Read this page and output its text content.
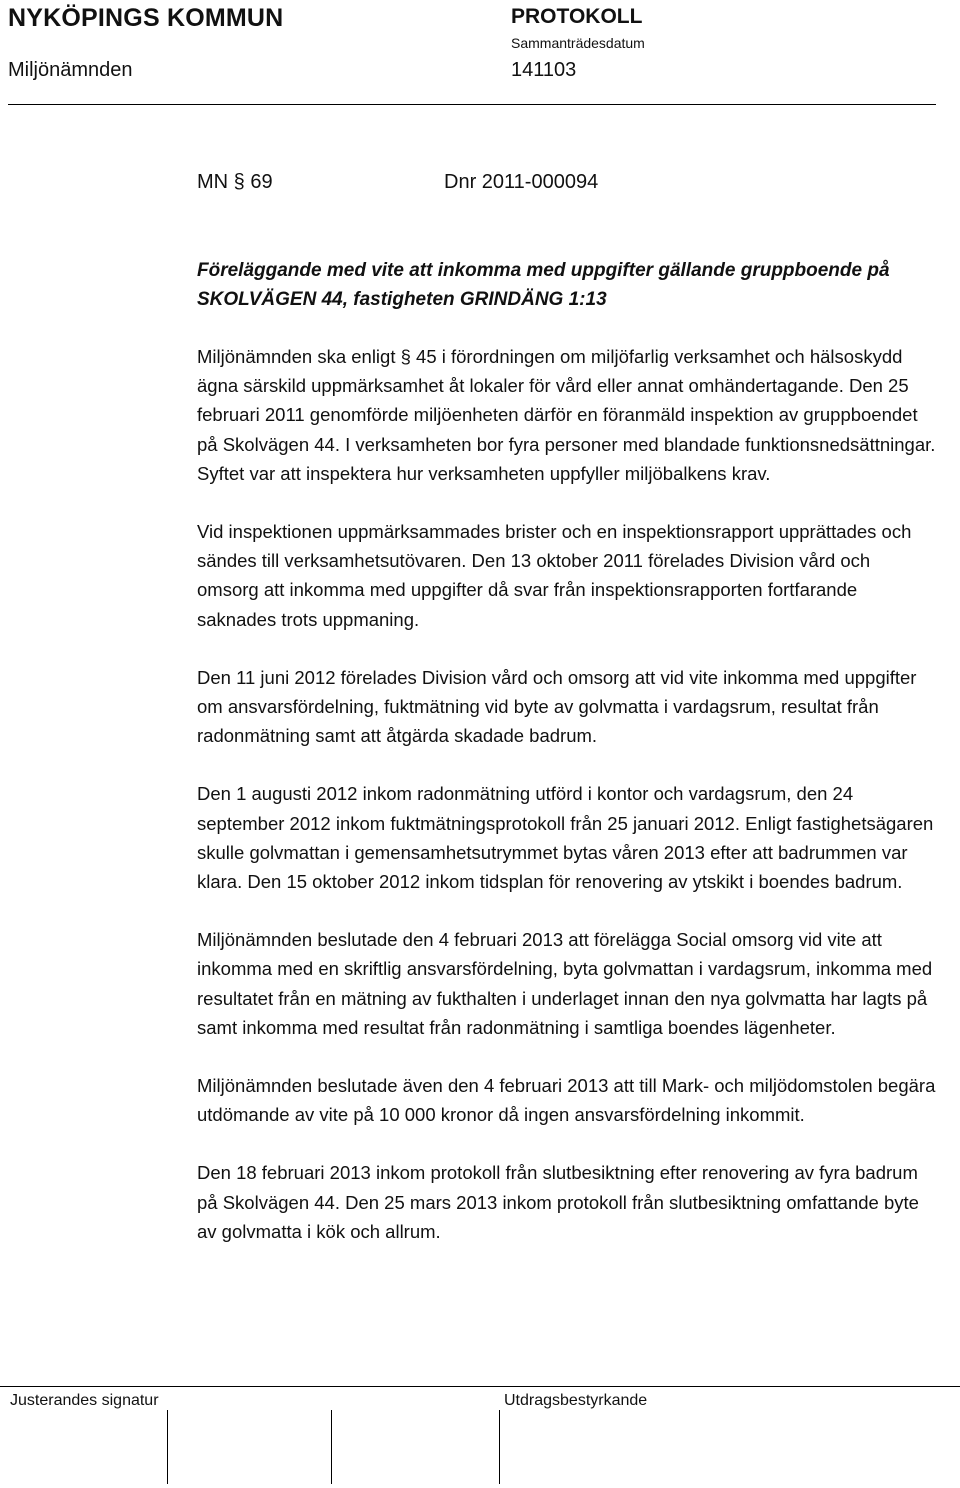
NYKÖPINGS KOMMUN	PROTOKOLL
Sammanträdesdatum
Miljönämnden	141103
MN § 69	Dnr 2011-000094
Föreläggande med vite att inkomma med uppgifter gällande gruppboende på SKOLVÄGEN 44, fastigheten GRINDÄNG 1:13

Miljönämnden ska enligt § 45 i förordningen om miljöfarlig verksamhet och hälsoskydd ägna särskild uppmärksamhet åt lokaler för vård eller annat omhändertagande. Den 25 februari 2011 genomförde miljöenheten därför en föranmäld inspektion av gruppboendet på Skolvägen 44. I verksamheten bor fyra personer med blandade funktionsnedsättningar. Syftet var att inspektera hur verksamheten uppfyller miljöbalkens krav.

Vid inspektionen uppmärksammades brister och en inspektionsrapport upprättades och sändes till verksamhetsutövaren. Den 13 oktober 2011 förelades Division vård och omsorg att inkomma med uppgifter då svar från inspektionsrapporten fortfarande saknades trots uppmaning.

Den 11 juni 2012 förelades Division vård och omsorg att vid vite inkomma med uppgifter om ansvarsfördelning, fuktmätning vid byte av golvmatta i vardagsrum, resultat från radonmätning samt att åtgärda skadade badrum.

Den 1 augusti 2012 inkom radonmätning utförd i kontor och vardagsrum, den 24 september 2012 inkom fuktmätningsprotokoll från 25 januari 2012. Enligt fastighetsägaren skulle golvmattan i gemensamhetsutrymmet bytas våren 2013 efter att badrummen var klara. Den 15 oktober 2012 inkom tidsplan för renovering av ytskikt i boendes badrum.

Miljönämnden beslutade den 4 februari 2013 att förelägga Social omsorg vid vite att inkomma med en skriftlig ansvarsfördelning, byta golvmattan i vardagsrum, inkomma med resultatet från en mätning av fukthalten i underlaget innan den nya golvmatta har lagts på samt inkomma med resultat från radonmätning i samtliga boendes lägenheter.

Miljönämnden beslutade även den 4 februari 2013 att till Mark- och miljödomstolen begära utdömande av vite på 10 000 kronor då ingen ansvarsfördelning inkommit.

Den 18 februari 2013 inkom protokoll från slutbesiktning efter renovering av fyra badrum på Skolvägen 44. Den 25 mars 2013 inkom protokoll från slutbesiktning omfattande byte av golvmatta i kök och allrum.

Justerandes signatur	Utdragsbestyrkande
